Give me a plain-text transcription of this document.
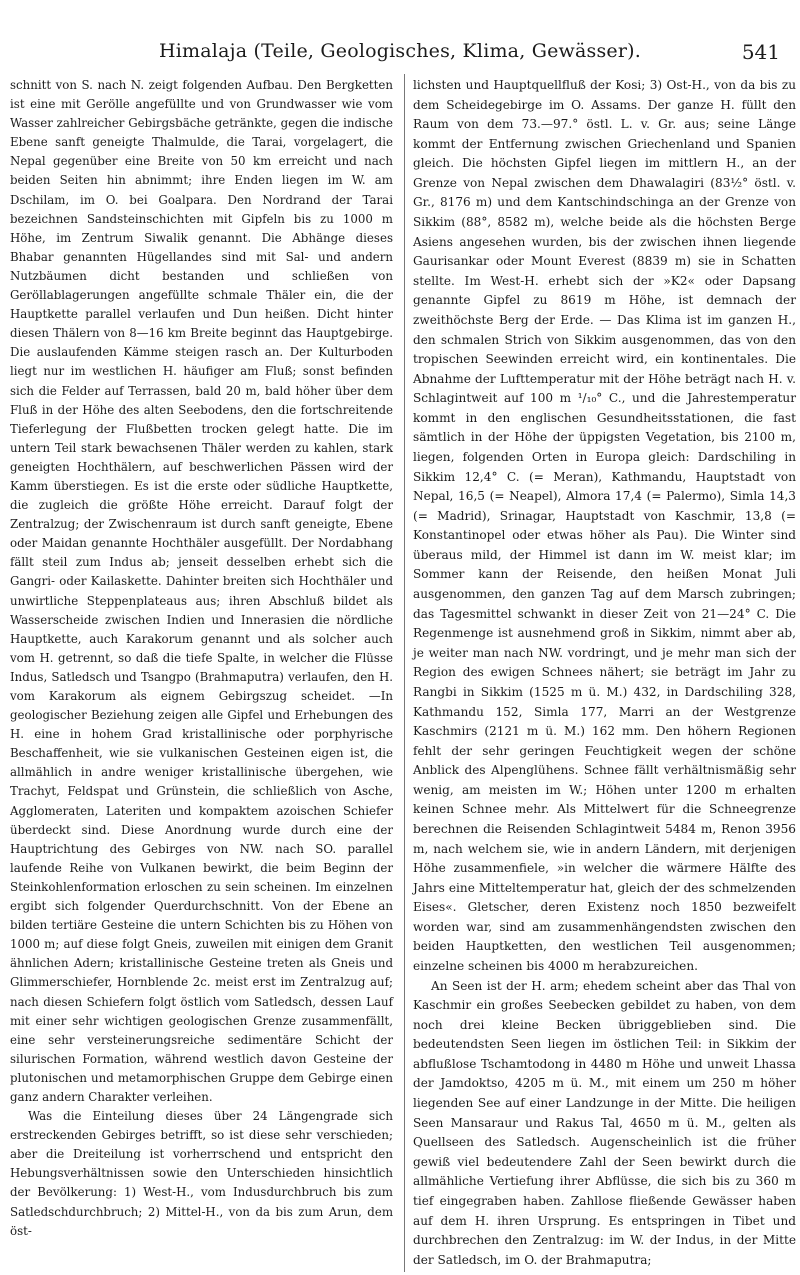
Himalaja (Teile, Geologisches, Klima, Gewässer).	541

schnitt von S. nach N. zeigt folgenden Aufbau. Den Bergketten ist eine mit Gerölle angefüllte und von Grundwasser wie vom Wasser zahlreicher Gebirgsbäche getränkte, gegen die indische Ebene sanft geneigte Thalmulde, die Tarai, vorgelagert, die Nepal gegenüber eine Breite von 50 km erreicht und nach beiden Seiten hin abnimmt; ihre Enden liegen im W. am Dschilam, im O. bei Goalpara. Den Nordrand der Tarai bezeichnen Sandsteinschichten mit Gipfeln bis zu 1000 m Höhe, im Zentrum Siwalik genannt. Die Abhänge dieses Bhabar genannten Hügellandes sind mit Sal- und andern Nutzbäumen dicht bestanden und schließen von Geröllablagerungen angefüllte schmale Thäler ein, die der Hauptkette parallel verlaufen und Dun heißen. Dicht hinter diesen Thälern von 8—16 km Breite beginnt das Hauptgebirge. Die auslaufenden Kämme steigen rasch an. Der Kulturboden liegt nur im westlichen H. häufiger am Fluß; sonst befinden sich die Felder auf Terrassen, bald 20 m, bald höher über dem Fluß in der Höhe des alten Seebodens, den die fortschreitende Tieferlegung der Flußbetten trocken gelegt hatte. Die im untern Teil stark bewachsenen Thäler werden zu kahlen, stark geneigten Hochthälern, auf beschwerlichen Pässen wird der Kamm überstiegen. Es ist die erste oder südliche Hauptkette, die zugleich die größte Höhe erreicht. Darauf folgt der Zentralzug; der Zwischenraum ist durch sanft geneigte, Ebene oder Maidan genannte Hochthäler ausgefüllt. Der Nordabhang fällt steil zum Indus ab; jenseit desselben erhebt sich die Gangri- oder Kailaskette. Dahinter breiten sich Hochthäler und unwirtliche Steppenplateaus aus; ihren Abschluß bildet als Wasserscheide zwischen Indien und Innerasien die nördliche Hauptkette, auch Karakorum genannt und als solcher auch vom H. getrennt, so daß die tiefe Spalte, in welcher die Flüsse Indus, Satledsch und Tsangpo (Brahmaputra) verlaufen, den H. vom Karakorum als eignem Gebirgszug scheidet. —In geologischer Beziehung zeigen alle Gipfel und Erhebungen des H. eine in hohem Grad kristallinische oder porphyrische Beschaffenheit, wie sie vulkanischen Gesteinen eigen ist, die allmählich in andre weniger kristallinische übergehen, wie Trachyt, Feldspat und Grünstein, die schließlich von Asche, Agglomeraten, Lateriten und kompaktem azoischen Schiefer überdeckt sind. Diese Anordnung wurde durch eine der Hauptrichtung des Gebirges von NW. nach SO. parallel laufende Reihe von Vulkanen bewirkt, die beim Beginn der Steinkohlenformation erloschen zu sein scheinen. Im einzelnen ergibt sich folgender Querdurchschnitt. Von der Ebene an bilden tertiäre Gesteine die untern Schichten bis zu Höhen von 1000 m; auf diese folgt Gneis, zuweilen mit einigen dem Granit ähnlichen Adern; kristallinische Gesteine treten als Gneis und Glimmerschiefer, Hornblende 2c. meist erst im Zentralzug auf; nach diesen Schiefern folgt östlich vom Satledsch, dessen Lauf mit einer sehr wichtigen geologischen Grenze zusammenfällt, eine sehr versteinerungsreiche sedimentäre Schicht der silurischen Formation, während westlich davon Gesteine der plutonischen und metamorphischen Gruppe dem Gebirge einen ganz andern Charakter verleihen.

Was die Einteilung dieses über 24 Längengrade sich erstreckenden Gebirges betrifft, so ist diese sehr verschieden; aber die Dreiteilung ist vorherrschend und entspricht den Hebungsverhältnissen sowie den Unterschieden hinsichtlich der Bevölkerung: 1) West-H., vom Indusdurchbruch bis zum Satledschdurchbruch; 2) Mittel-H., von da bis zum Arun, dem öst-

lichsten und Hauptquellfluß der Kosi; 3) Ost-H., von da bis zu dem Scheidegebirge im O. Assams. Der ganze H. füllt den Raum von dem 73.—97.° östl. L. v. Gr. aus; seine Länge kommt der Entfernung zwischen Griechenland und Spanien gleich. Die höchsten Gipfel liegen im mittlern H., an der Grenze von Nepal zwischen dem Dhawalagiri (83½° östl. v. Gr., 8176 m) und dem Kantschindschinga an der Grenze von Sikkim (88°, 8582 m), welche beide als die höchsten Berge Asiens angesehen wurden, bis der zwischen ihnen liegende Gaurisankar oder Mount Everest (8839 m) sie in Schatten stellte. Im West-H. erhebt sich der »K2« oder Dapsang genannte Gipfel zu 8619 m Höhe, ist demnach der zweithöchste Berg der Erde. — Das Klima ist im ganzen H., den schmalen Strich von Sikkim ausgenommen, das von den tropischen Seewinden erreicht wird, ein kontinentales. Die Abnahme der Lufttemperatur mit der Höhe beträgt nach H. v. Schlagintweit auf 100 m ¹/₁₀° C., und die Jahrestemperatur kommt in den englischen Gesundheitsstationen, die fast sämtlich in der Höhe der üppigsten Vegetation, bis 2100 m, liegen, folgenden Orten in Europa gleich: Dardschiling in Sikkim 12,4° C. (= Meran), Kathmandu, Hauptstadt von Nepal, 16,5 (= Neapel), Almora 17,4 (= Palermo), Simla 14,3 (= Madrid), Srinagar, Hauptstadt von Kaschmir, 13,8 (= Konstantinopel oder etwas höher als Pau). Die Winter sind überaus mild, der Himmel ist dann im W. meist klar; im Sommer kann der Reisende, den heißen Monat Juli ausgenommen, den ganzen Tag auf dem Marsch zubringen; das Tagesmittel schwankt in dieser Zeit von 21—24° C. Die Regenmenge ist ausnehmend groß in Sikkim, nimmt aber ab, je weiter man nach NW. vordringt, und je mehr man sich der Region des ewigen Schnees nähert; sie beträgt im Jahr zu Rangbi in Sikkim (1525 m ü. M.) 432, in Dardschiling 328, Kathmandu 152, Simla 177, Marri an der Westgrenze Kaschmirs (2121 m ü. M.) 162 mm. Den höhern Regionen fehlt der sehr geringen Feuchtigkeit wegen der schöne Anblick des Alpenglühens. Schnee fällt verhältnismäßig sehr wenig, am meisten im W.; Höhen unter 1200 m erhalten keinen Schnee mehr. Als Mittelwert für die Schneegrenze berechnen die Reisenden Schlagintweit 5484 m, Renon 3956 m, nach welchem sie, wie in andern Ländern, mit derjenigen Höhe zusammenfiele, »in welcher die wärmere Hälfte des Jahrs eine Mitteltemperatur hat, gleich der des schmelzenden Eises«. Gletscher, deren Existenz noch 1850 bezweifelt worden war, sind am zusammenhängendsten zwischen den beiden Hauptketten, den westlichen Teil ausgenommen; einzelne scheinen bis 4000 m herabzureichen.

An Seen ist der H. arm; ehedem scheint aber das Thal von Kaschmir ein großes Seebecken gebildet zu haben, von dem noch drei kleine Becken übriggeblieben sind. Die bedeutendsten Seen liegen im östlichen Teil: in Sikkim der abflußlose Tschamtodong in 4480 m Höhe und unweit Lhassa der Jamdoktso, 4205 m ü. M., mit einem um 250 m höher liegenden See auf einer Landzunge in der Mitte. Die heiligen Seen Mansaraur und Rakus Tal, 4650 m ü. M., gelten als Quellseen des Satledsch. Augenscheinlich ist die früher gewiß viel bedeutendere Zahl der Seen bewirkt durch die allmähliche Vertiefung ihrer Abflüsse, die sich bis zu 360 m tief eingegraben haben. Zahllose fließende Gewässer haben auf dem H. ihren Ursprung. Es entspringen in Tibet und durchbrechen den Zentralzug: im W. der Indus, in der Mitte der Satledsch, im O. der Brahmaputra;
